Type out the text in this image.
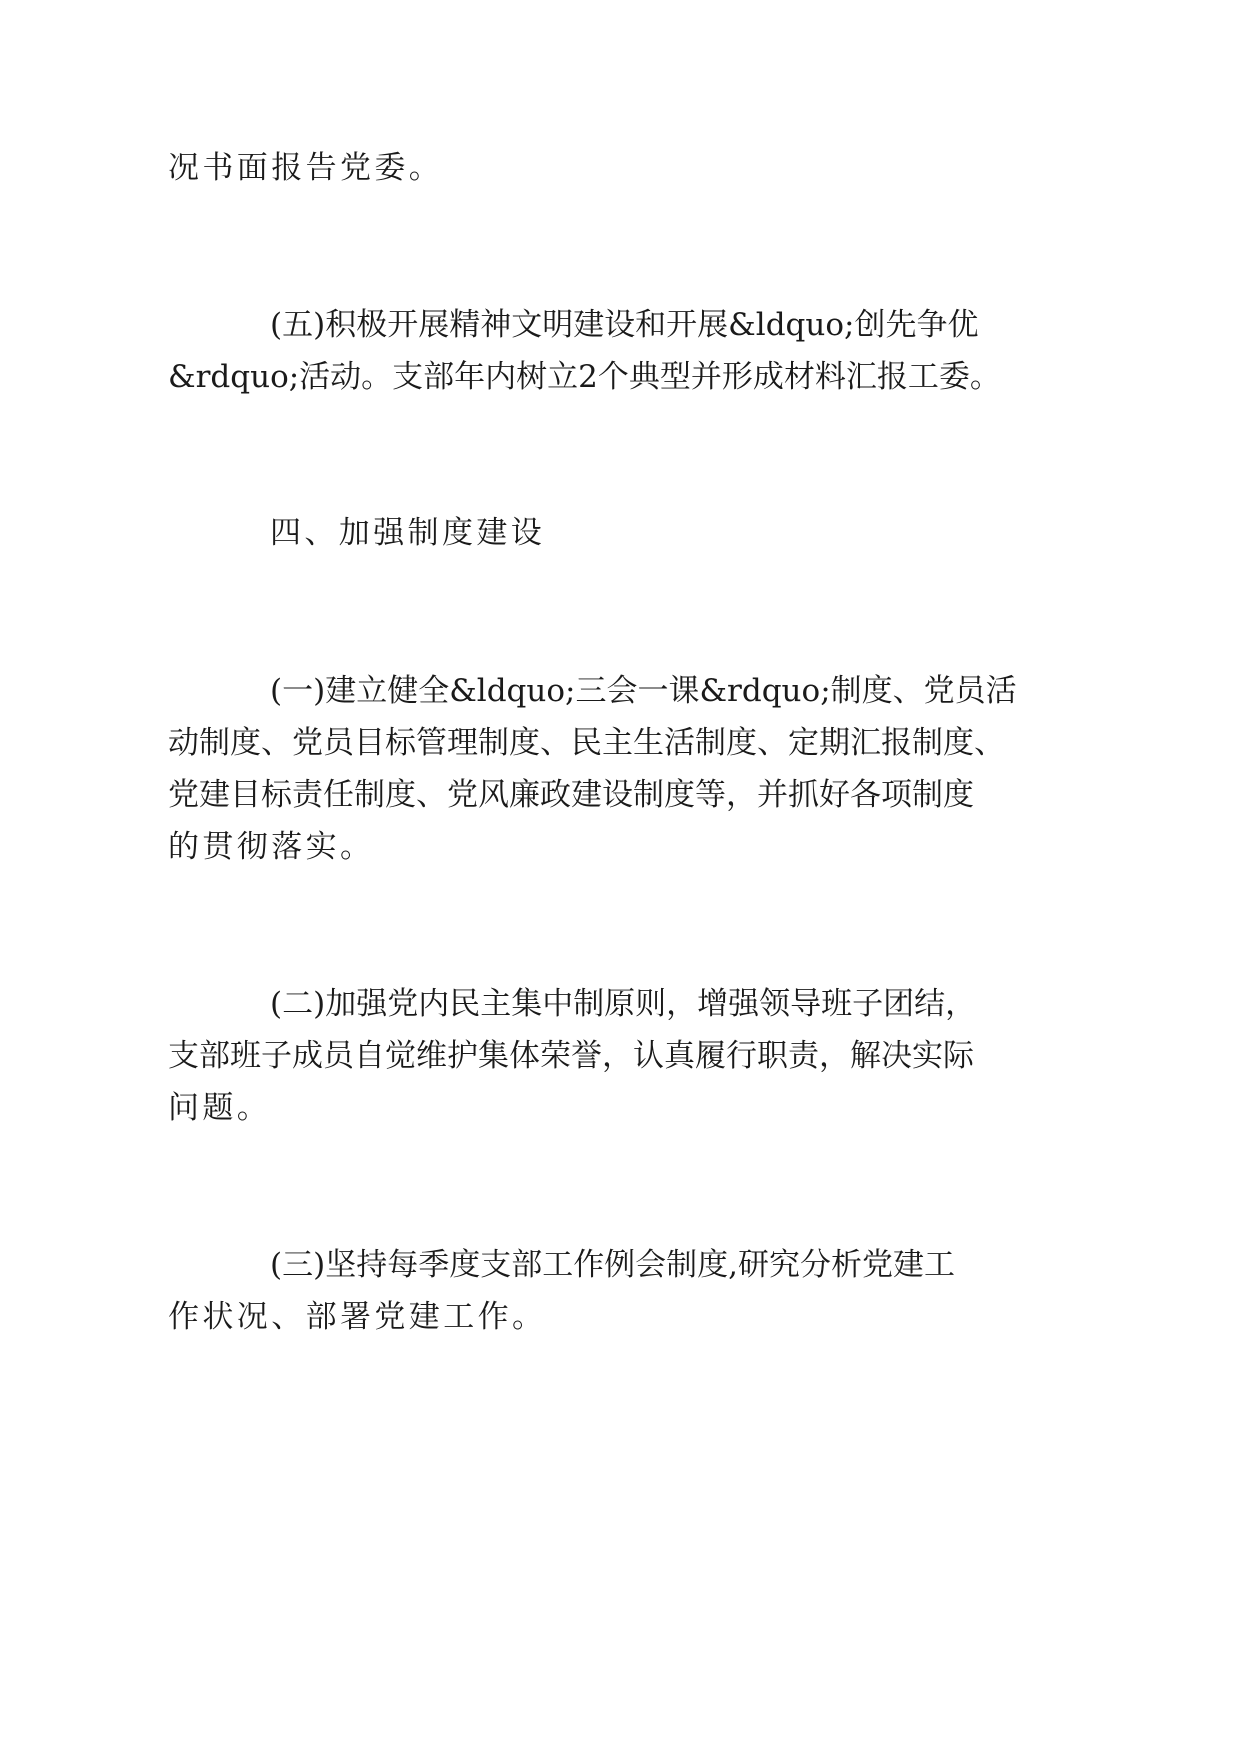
况书面报告党委。
(五)积极开展精神文明建设和开展&ldquo;创先争优
&rdquo;活动。支部年内树立2个典型并形成材料汇报工委。
四、加强制度建设
(一)建立健全&ldquo;三会一课&rdquo;制度、党员活
动制度、党员目标管理制度、民主生活制度、定期汇报制度、
党建目标责任制度、党风廉政建设制度等，并抓好各项制度
的贯彻落实。
(二)加强党内民主集中制原则，增强领导班子团结，
支部班子成员自觉维护集体荣誉，认真履行职责，解决实际
问题。
(三)坚持每季度支部工作例会制度,研究分析党建工
作状况、部署党建工作。
